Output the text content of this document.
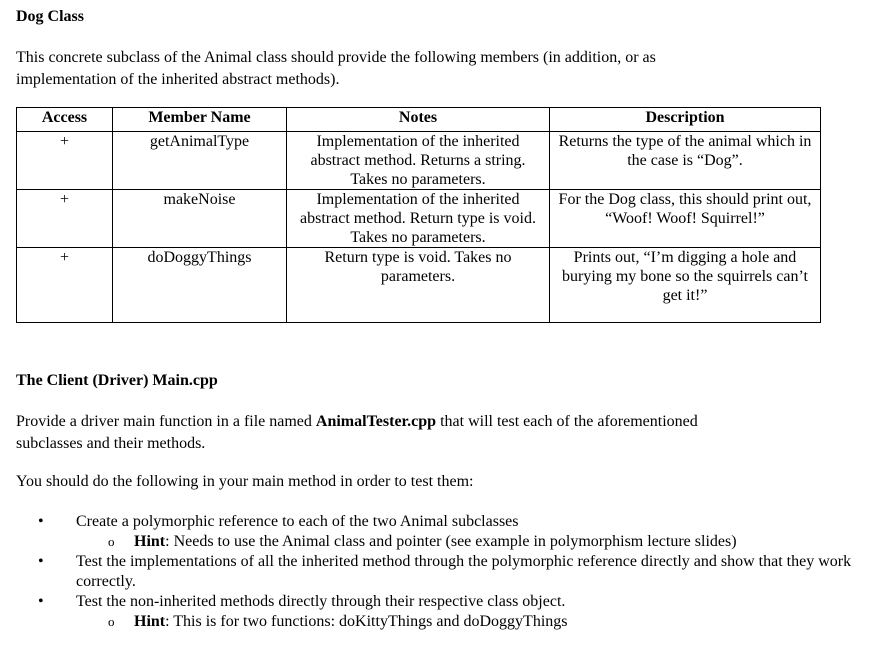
Dog Class
This concrete subclass of the Animal class should provide the following members (in addition, or as
implementation of the inherited abstract methods).
Access	Member Name	Notes	Description
+	getAnimalType	Implementation of the inherited abstract method. Returns a string. Takes no parameters.	Returns the type of the animal which in the case is “Dog”.
+	makeNoise	Implementation of the inherited abstract method. Return type is void. Takes no parameters.	For the Dog class, this should print out, “Woof! Woof! Squirrel!”
+	doDoggyThings	Return type is void. Takes no parameters.	Prints out, “I’m digging a hole and burying my bone so the squirrels can’t get it!”
The Client (Driver) Main.cpp
Provide a driver main function in a file named AnimalTester.cpp that will test each of the aforementioned
subclasses and their methods.
You should do the following in your main method in order to test them:
• Create a polymorphic reference to each of the two Animal subclasses
o Hint: Needs to use the Animal class and pointer (see example in polymorphism lecture slides)
• Test the implementations of all the inherited method through the polymorphic reference directly and show that they work correctly.
• Test the non-inherited methods directly through their respective class object.
o Hint: This is for two functions: doKittyThings and doDoggyThings
